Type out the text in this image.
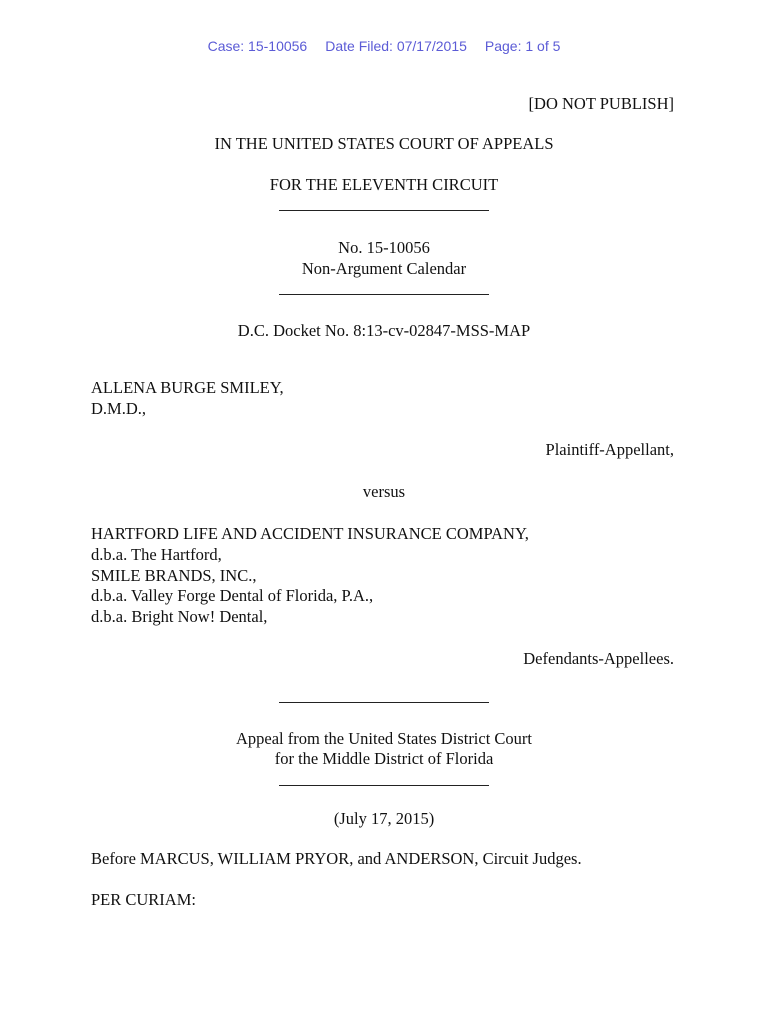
Case: 15-10056 Date Filed: 07/17/2015 Page: 1 of 5
[DO NOT PUBLISH]
IN THE UNITED STATES COURT OF APPEALS
FOR THE ELEVENTH CIRCUIT
No. 15-10056
Non-Argument Calendar
D.C. Docket No. 8:13-cv-02847-MSS-MAP
ALLENA BURGE SMILEY,
D.M.D.,
Plaintiff-Appellant,
versus
HARTFORD LIFE AND ACCIDENT INSURANCE COMPANY,
d.b.a. The Hartford,
SMILE BRANDS, INC.,
d.b.a. Valley Forge Dental of Florida, P.A.,
d.b.a. Bright Now! Dental,
Defendants-Appellees.
Appeal from the United States District Court
for the Middle District of Florida
(July 17, 2015)
Before MARCUS, WILLIAM PRYOR, and ANDERSON, Circuit Judges.
PER CURIAM:
